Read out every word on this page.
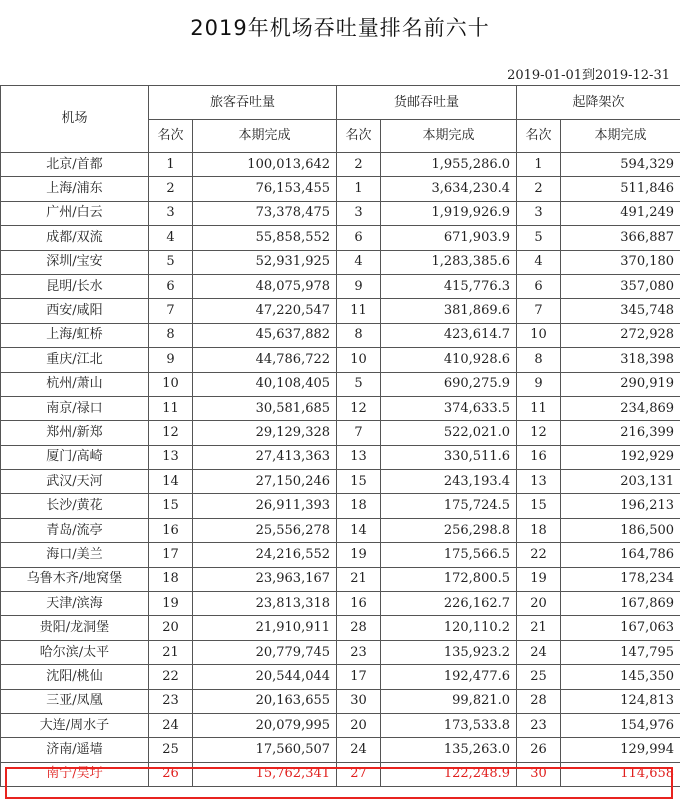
2019年机场吞吐量排名前六十
2019-01-01到2019-12-31
机场	旅客吞吐量		货邮吞吐量		起降架次	
	名次	本期完成	名次	本期完成	名次	本期完成
北京/首都	1	100,013,642	2	1,955,286.0	1	594,329
上海/浦东	2	76,153,455	1	3,634,230.4	2	511,846
广州/白云	3	73,378,475	3	1,919,926.9	3	491,249
成都/双流	4	55,858,552	6	671,903.9	5	366,887
深圳/宝安	5	52,931,925	4	1,283,385.6	4	370,180
昆明/长水	6	48,075,978	9	415,776.3	6	357,080
西安/咸阳	7	47,220,547	11	381,869.6	7	345,748
上海/虹桥	8	45,637,882	8	423,614.7	10	272,928
重庆/江北	9	44,786,722	10	410,928.6	8	318,398
杭州/萧山	10	40,108,405	5	690,275.9	9	290,919
南京/禄口	11	30,581,685	12	374,633.5	11	234,869
郑州/新郑	12	29,129,328	7	522,021.0	12	216,399
厦门/高崎	13	27,413,363	13	330,511.6	16	192,929
武汉/天河	14	27,150,246	15	243,193.4	13	203,131
长沙/黄花	15	26,911,393	18	175,724.5	15	196,213
青岛/流亭	16	25,556,278	14	256,298.8	18	186,500
海口/美兰	17	24,216,552	19	175,566.5	22	164,786
乌鲁木齐/地窝堡	18	23,963,167	21	172,800.5	19	178,234
天津/滨海	19	23,813,318	16	226,162.7	20	167,869
贵阳/龙洞堡	20	21,910,911	28	120,110.2	21	167,063
哈尔滨/太平	21	20,779,745	23	135,923.2	24	147,795
沈阳/桃仙	22	20,544,044	17	192,477.6	25	145,350
三亚/凤凰	23	20,163,655	30	99,821.0	28	124,813
大连/周水子	24	20,079,995	20	173,533.8	23	154,976
济南/遥墙	25	17,560,507	24	135,263.0	26	129,994
南宁/吴圩	26	15,762,341	27	122,248.9	30	114,658
